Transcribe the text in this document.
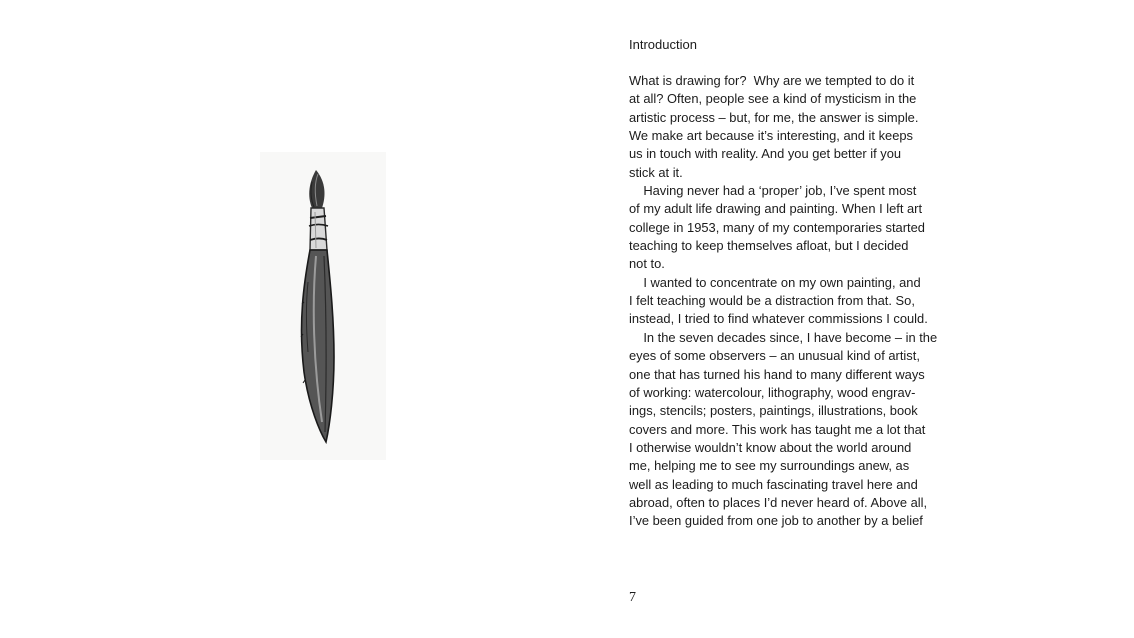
Introduction

What is drawing for?  Why are we tempted to do it
at all? Often, people see a kind of mysticism in the
artistic process – but, for me, the answer is simple.
We make art because it’s interesting, and it keeps
us in touch with reality. And you get better if you
stick at it.
Having never had a ‘proper’ job, I’ve spent most
of my adult life drawing and painting. When I left art
college in 1953, many of my contemporaries started
teaching to keep themselves afloat, but I decided
not to.
I wanted to concentrate on my own painting, and
I felt teaching would be a distraction from that. So,
instead, I tried to find whatever commissions I could.
In the seven decades since, I have become – in the
eyes of some observers – an unusual kind of artist,
one that has turned his hand to many different ways
of working: watercolour, lithography, wood engrav-
ings, stencils; posters, paintings, illustrations, book
covers and more. This work has taught me a lot that
I otherwise wouldn’t know about the world around
me, helping me to see my surroundings anew, as
well as leading to much fascinating travel here and
abroad, often to places I’d never heard of. Above all,
I’ve been guided from one job to another by a belief

7
